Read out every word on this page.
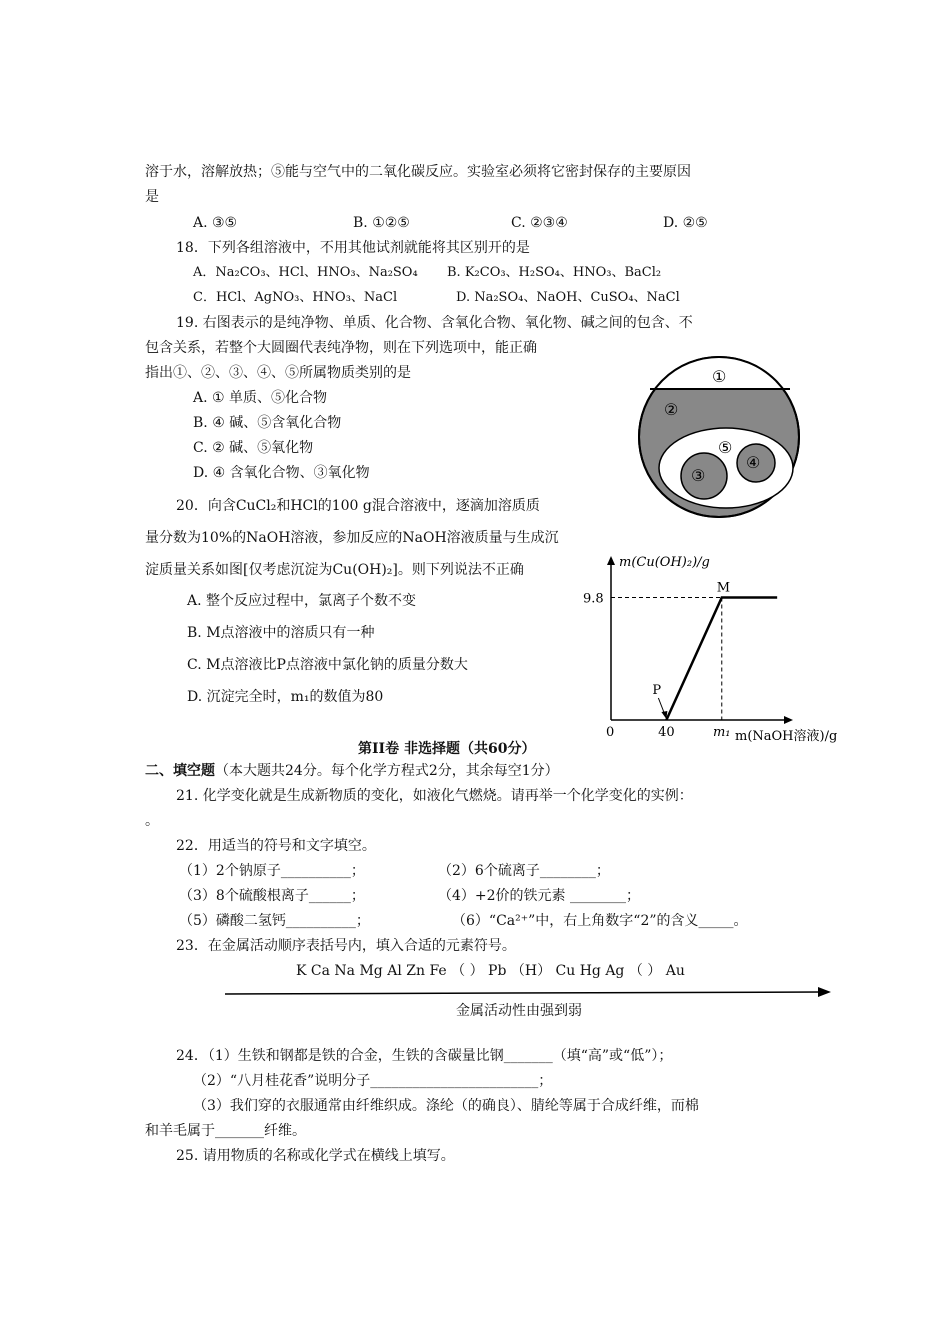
溶于水，溶解放热；⑤能与空气中的二氧化碳反应。实验室必须将它密封保存的主要原因
是
A. ③⑤	B. ①②⑤	C. ②③④	D. ②⑤
18．下列各组溶液中，不用其他试剂就能将其区别开的是
A．Na₂CO₃、HCl、HNO₃、Na₂SO₄ B. K₂CO₃、H₂SO₄、HNO₃、BaCl₂
C．HCl、AgNO₃、HNO₃、NaCl	D. Na₂SO₄、NaOH、CuSO₄、NaCl
19. 右图表示的是纯净物、单质、化合物、含氧化合物、氧化物、碱之间的包含、不
包含关系，若整个大圆圈代表纯净物，则在下列选项中，能正确
指出①、②、③、④、⑤所属物质类别的是
A. ① 单质、⑤化合物
B. ④ 碱、⑤含氧化合物
C. ② 碱、⑤氧化物
D. ④ 含氧化合物、③氧化物
①
②
⑤
③
④
20．向含CuCl₂和HCl的100 g混合溶液中，逐滴加溶质质
量分数为10%的NaOH溶液，参加反应的NaOH溶液质量与生成沉
淀质量关系如图[仅考虑沉淀为Cu(OH)₂]。则下列说法不正确
A. 整个反应过程中，氯离子个数不变
B. M点溶液中的溶质只有一种
C. M点溶液比P点溶液中氯化钠的质量分数大
D. 沉淀完全时，m₁的数值为80
m(Cu(OH)₂)/g
m(NaOH溶液)/g
0	40	m₁
9.8
M
P
第II卷 非选择题（共60分）
二、填空题（本大题共24分。每个化学方程式2分，其余每空1分）
21. 化学变化就是生成新物质的变化，如液化气燃烧。请再举一个化学变化的实例：
。
22．用适当的符号和文字填空。
（1）2个钠原子__________；	（2）6个硫离子________；
（3）8个硫酸根离子______；	（4）+2价的铁元素 ________；
（5）磷酸二氢钙__________；	（6）“Ca²⁺”中，右上角数字“2”的含义_____。
23．在金属活动顺序表括号内，填入合适的元素符号。
K Ca Na Mg Al Zn Fe （ ） Pb （H） Cu Hg Ag （ ） Au
金属活动性由强到弱
24．（1）生铁和钢都是铁的合金，生铁的含碳量比钢_______（填“高”或“低”）；
（2）“八月桂花香”说明分子________________________；
（3）我们穿的衣服通常由纤维织成。涤纶（的确良）、腈纶等属于合成纤维，而棉
和羊毛属于_______纤维。
25. 请用物质的名称或化学式在横线上填写。
